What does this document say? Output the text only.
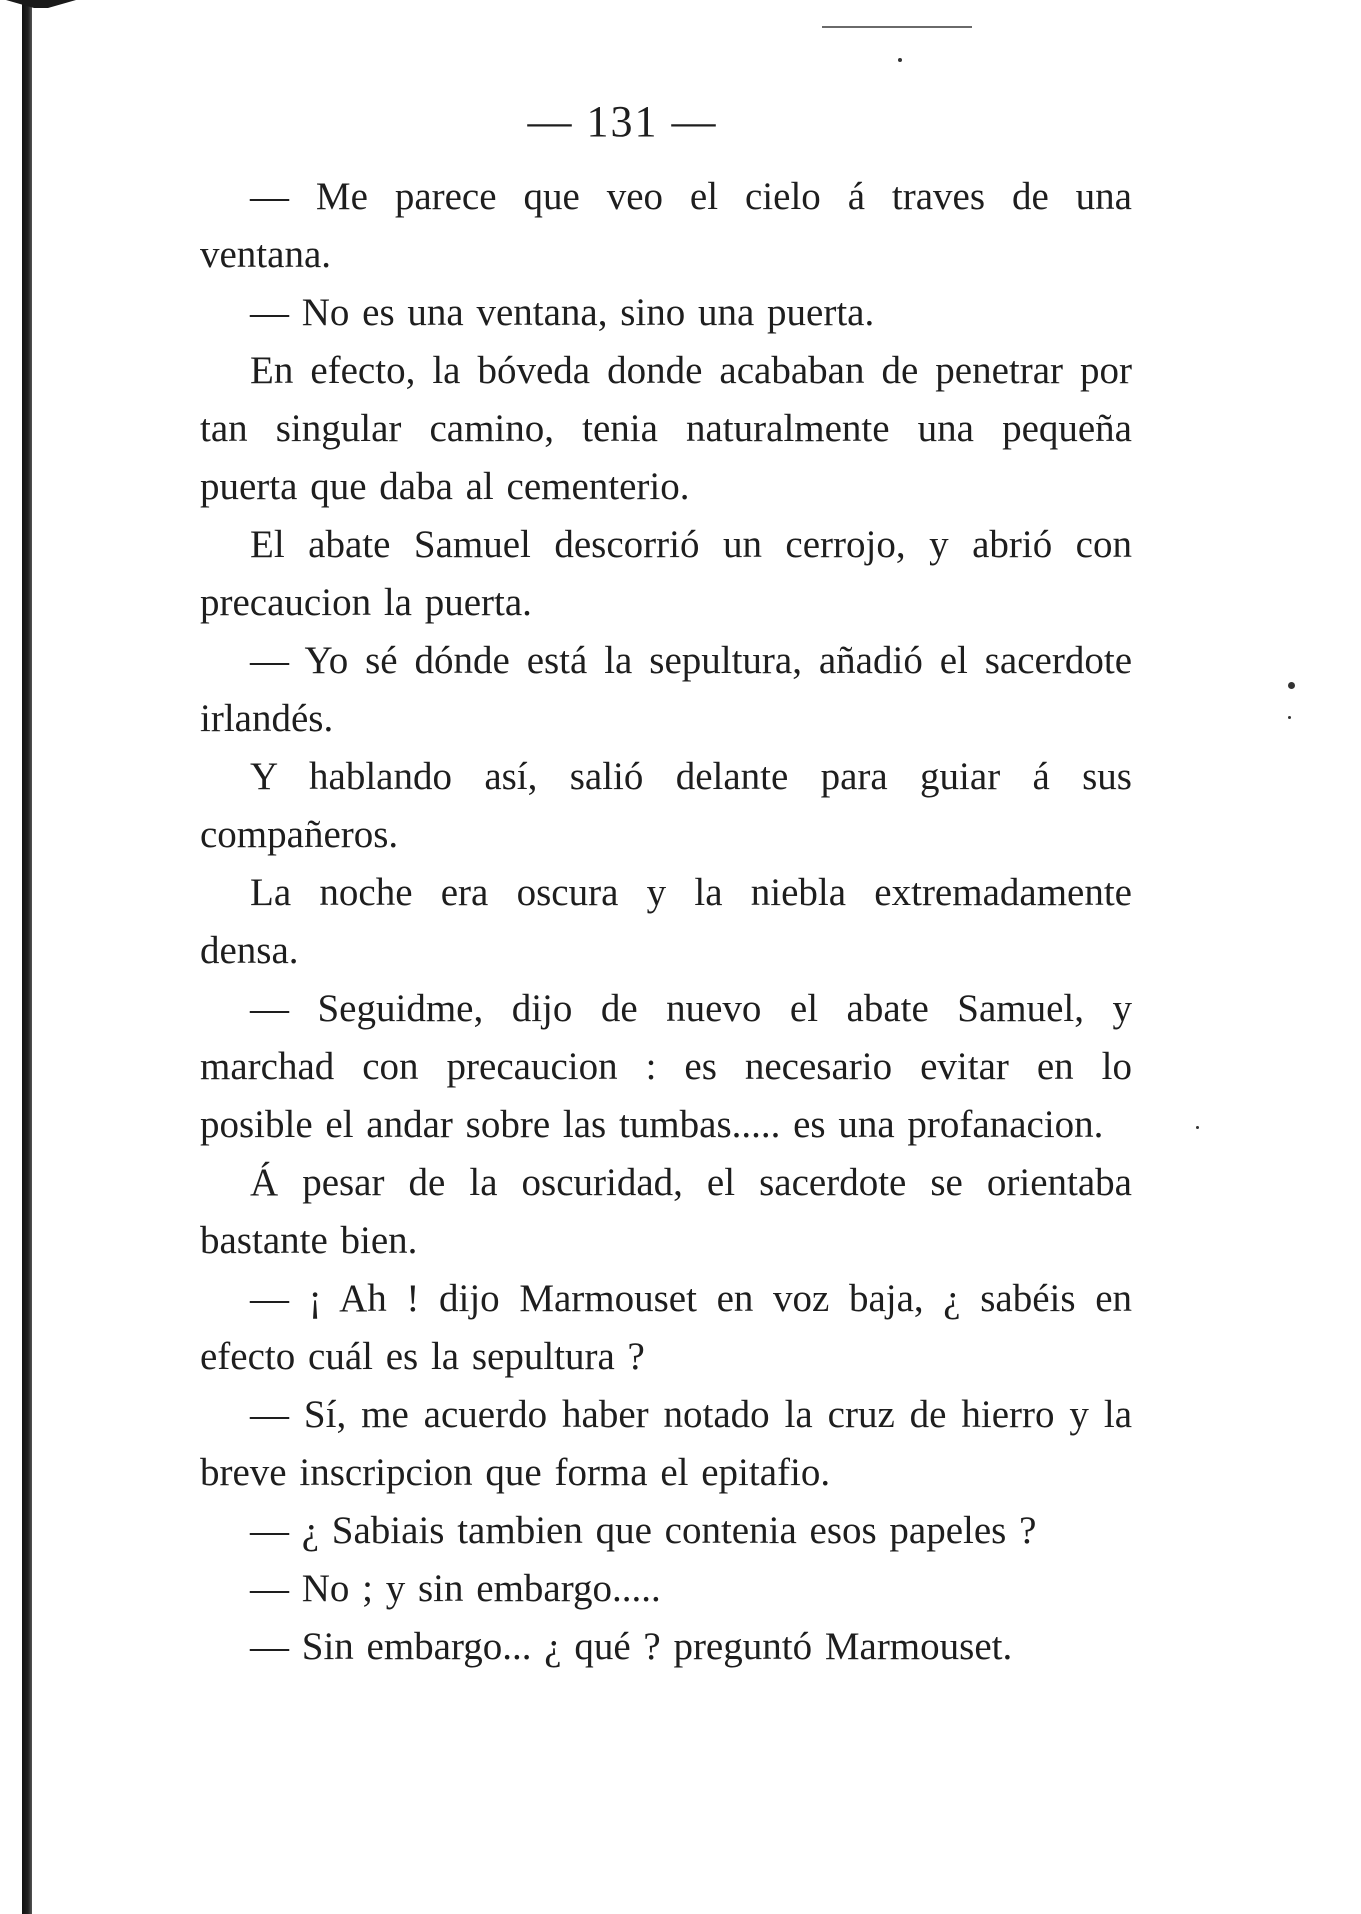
— 131 —

— Me parece que veo el cielo á traves de una ventana.

— No es una ventana, sino una puerta.

En efecto, la bóveda donde acababan de penetrar por tan singular camino, tenia naturalmente una pequeña puerta que daba al cementerio.

El abate Samuel descorrió un cerrojo, y abrió con precaucion la puerta.

— Yo sé dónde está la sepultura, añadió el sacerdote irlandés.

Y hablando así, salió delante para guiar á sus compañeros.

La noche era oscura y la niebla extremadamente densa.

— Seguidme, dijo de nuevo el abate Samuel, y marchad con precaucion : es necesario evitar en lo posible el andar sobre las tumbas..... es una profanacion.

Á pesar de la oscuridad, el sacerdote se orientaba bastante bien.

— ¡ Ah ! dijo Marmouset en voz baja, ¿ sabéis en efecto cuál es la sepultura ?

— Sí, me acuerdo haber notado la cruz de hierro y la breve inscripcion que forma el epitafio.

— ¿ Sabiais tambien que contenia esos papeles ?

— No ; y sin embargo.....

— Sin embargo... ¿ qué ? preguntó Marmouset.
